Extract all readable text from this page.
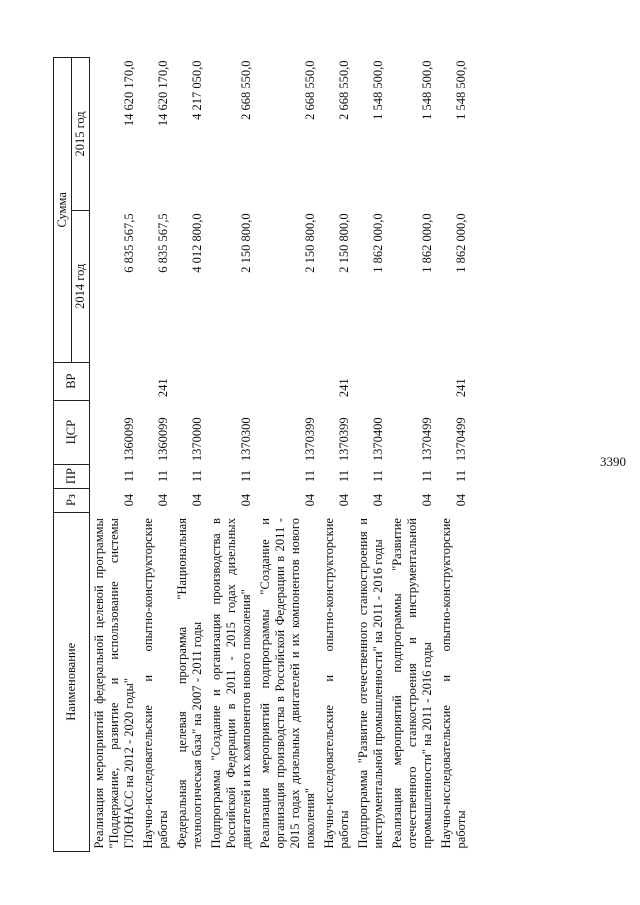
3390
Наименование	Рз	ПР	ЦСР	ВР	Сумма	
					2014 год	2015 год
Реализация мероприятий федеральной целевой программы "Поддержание, развитие и использование системы ГЛОНАСС на 2012 - 2020 годы"	04	11	1360099		6 835 567,5	14 620 170,0
Научно-исследовательские и опытно-конструкторские работы	04	11	1360099	241	6 835 567,5	14 620 170,0
Федеральная целевая программа "Национальная технологическая база" на 2007 - 2011 годы	04	11	1370000		4 012 800,0	4 217 050,0
Подпрограмма "Создание и организация производства в Российской Федерации в 2011 - 2015 годах дизельных двигателей и их компонентов нового поколения"	04	11	1370300		2 150 800,0	2 668 550,0
Реализация мероприятий подпрограммы "Создание и организация производства в Российской Федерации в 2011 - 2015 годах дизельных двигателей и их компонентов нового поколения"	04	11	1370399		2 150 800,0	2 668 550,0
Научно-исследовательские и опытно-конструкторские работы	04	11	1370399	241	2 150 800,0	2 668 550,0
Подпрограмма "Развитие отечественного станкостроения и инструментальной промышленности" на 2011 - 2016 годы	04	11	1370400		1 862 000,0	1 548 500,0
Реализация мероприятий подпрограммы "Развитие отечественного станкостроения и инструментальной промышленности" на 2011 - 2016 годы	04	11	1370499		1 862 000,0	1 548 500,0
Научно-исследовательские и опытно-конструкторские работы	04	11	1370499	241	1 862 000,0	1 548 500,0
